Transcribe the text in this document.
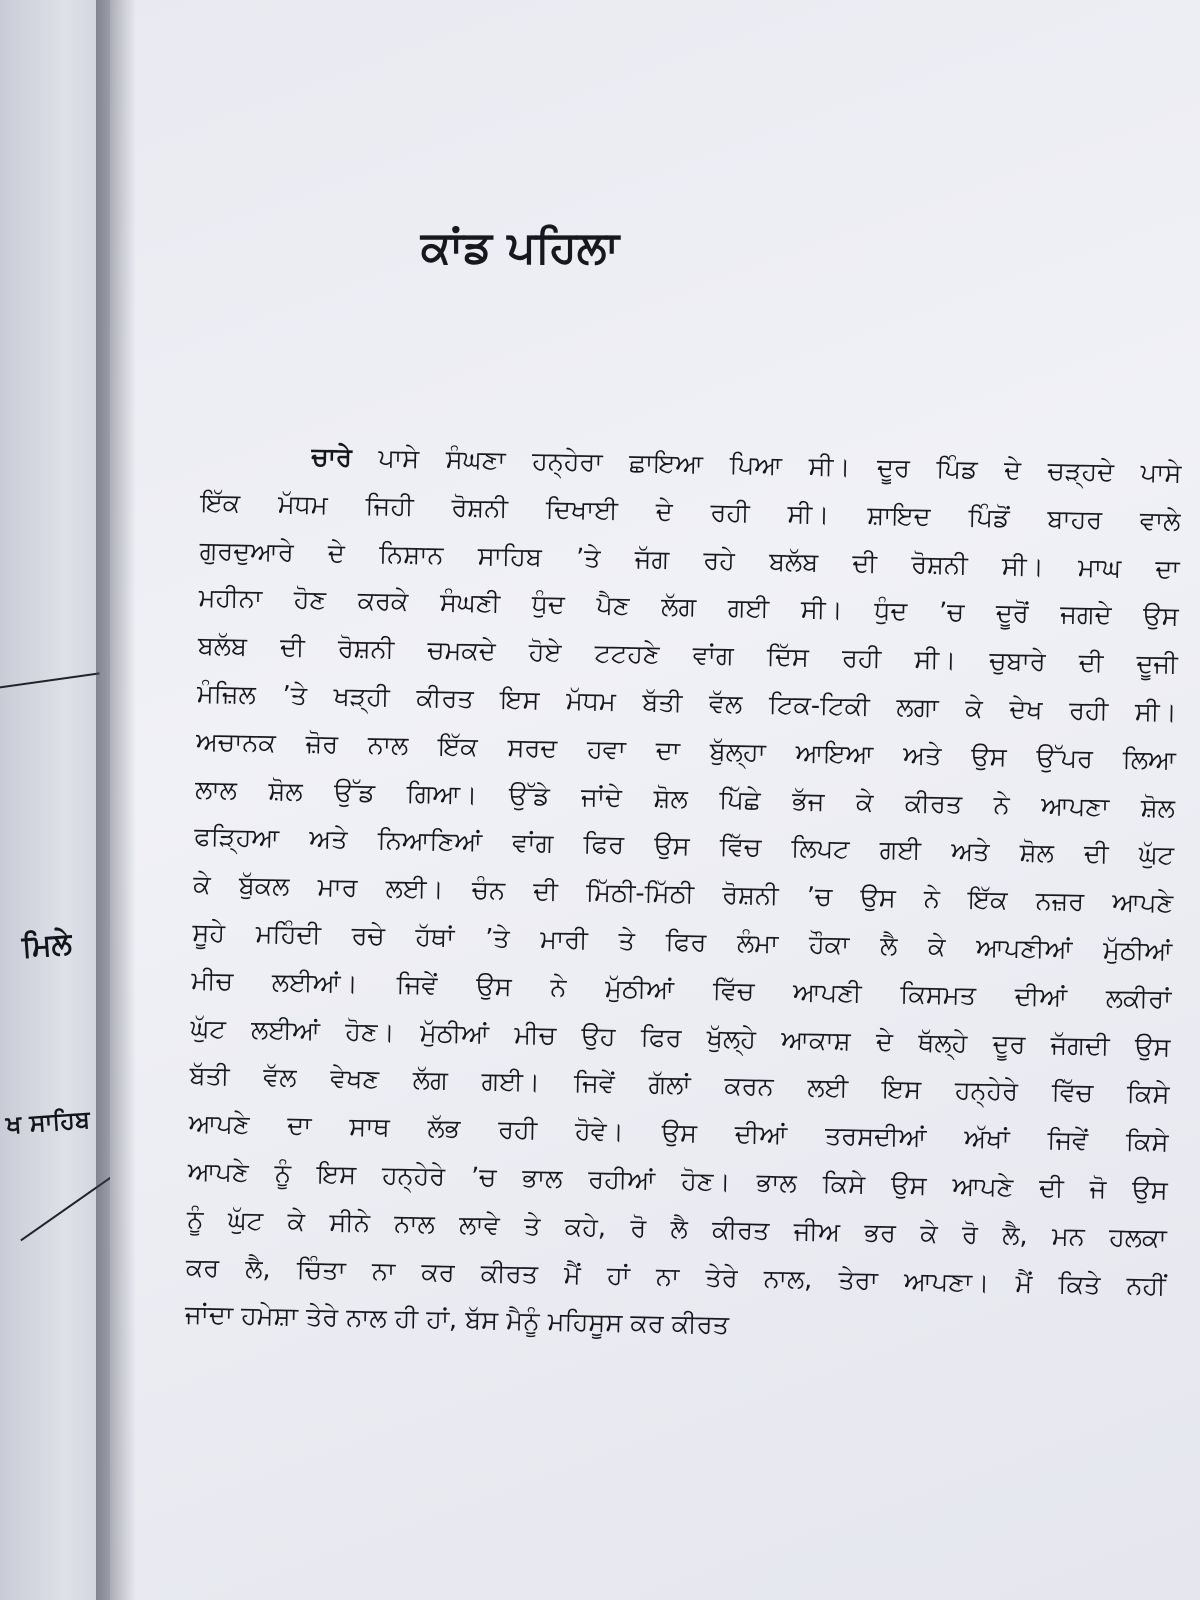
ਮਿਲੇ
ਖ ਸਾਹਿਬ
ਕਾਂਡ ਪਹਿਲਾ
ਚਾਰੇ ਪਾਸੇ ਸੰਘਣਾ ਹਨ੍ਹੇਰਾ ਛਾਇਆ ਪਿਆ ਸੀ। ਦੂਰ ਪਿੰਡ ਦੇ ਚੜ੍ਹਦੇ ਪਾਸੇ
ਇੱਕ ਮੱਧਮ ਜਿਹੀ ਰੋਸ਼ਨੀ ਦਿਖਾਈ ਦੇ ਰਹੀ ਸੀ। ਸ਼ਾਇਦ ਪਿੰਡੋਂ ਬਾਹਰ ਵਾਲੇ
ਗੁਰਦੁਆਰੇ ਦੇ ਨਿਸ਼ਾਨ ਸਾਹਿਬ ’ਤੇ ਜੱਗ ਰਹੇ ਬਲੱਬ ਦੀ ਰੋਸ਼ਨੀ ਸੀ। ਮਾਘ ਦਾ
ਮਹੀਨਾ ਹੋਣ ਕਰਕੇ ਸੰਘਣੀ ਧੁੰਦ ਪੈਣ ਲੱਗ ਗਈ ਸੀ। ਧੁੰਦ ’ਚ ਦੂਰੋਂ ਜਗਦੇ ਉਸ
ਬਲੱਬ ਦੀ ਰੋਸ਼ਨੀ ਚਮਕਦੇ ਹੋਏ ਟਟਹਣੇ ਵਾਂਗ ਦਿੱਸ ਰਹੀ ਸੀ। ਚੁਬਾਰੇ ਦੀ ਦੂਜੀ
ਮੰਜ਼ਿਲ ’ਤੇ ਖੜ੍ਹੀ ਕੀਰਤ ਇਸ ਮੱਧਮ ਬੱਤੀ ਵੱਲ ਟਿਕ-ਟਿਕੀ ਲਗਾ ਕੇ ਦੇਖ ਰਹੀ ਸੀ।
ਅਚਾਨਕ ਜ਼ੋਰ ਨਾਲ ਇੱਕ ਸਰਦ ਹਵਾ ਦਾ ਬੁੱਲ੍ਹਾ ਆਇਆ ਅਤੇ ਉਸ ਉੱਪਰ ਲਿਆ
ਲਾਲ ਸ਼ੋਲ ਉੱਡ ਗਿਆ। ਉੱਡੇ ਜਾਂਦੇ ਸ਼ੋਲ ਪਿੱਛੇ ਭੱਜ ਕੇ ਕੀਰਤ ਨੇ ਆਪਣਾ ਸ਼ੋਲ
ਫੜ੍ਹਿਆ ਅਤੇ ਨਿਆਣਿਆਂ ਵਾਂਗ ਫਿਰ ਉਸ ਵਿੱਚ ਲਿਪਟ ਗਈ ਅਤੇ ਸ਼ੋਲ ਦੀ ਘੁੱਟ
ਕੇ ਬੁੱਕਲ ਮਾਰ ਲਈ। ਚੰਨ ਦੀ ਮਿੱਠੀ-ਮਿੱਠੀ ਰੋਸ਼ਨੀ ’ਚ ਉਸ ਨੇ ਇੱਕ ਨਜ਼ਰ ਆਪਣੇ
ਸੂਹੇ ਮਹਿੰਦੀ ਰਚੇ ਹੱਥਾਂ ’ਤੇ ਮਾਰੀ ਤੇ ਫਿਰ ਲੰਮਾ ਹੌਕਾ ਲੈ ਕੇ ਆਪਣੀਆਂ ਮੁੱਠੀਆਂ
ਮੀਚ ਲਈਆਂ। ਜਿਵੇਂ ਉਸ ਨੇ ਮੁੱਠੀਆਂ ਵਿੱਚ ਆਪਣੀ ਕਿਸਮਤ ਦੀਆਂ ਲਕੀਰਾਂ
ਘੁੱਟ ਲਈਆਂ ਹੋਣ। ਮੁੱਠੀਆਂ ਮੀਚ ਉਹ ਫਿਰ ਖੁੱਲ੍ਹੇ ਆਕਾਸ਼ ਦੇ ਥੱਲ੍ਹੇ ਦੂਰ ਜੱਗਦੀ ਉਸ
ਬੱਤੀ ਵੱਲ ਵੇਖਣ ਲੱਗ ਗਈ। ਜਿਵੇਂ ਗੱਲਾਂ ਕਰਨ ਲਈ ਇਸ ਹਨ੍ਹੇਰੇ ਵਿੱਚ ਕਿਸੇ
ਆਪਣੇ ਦਾ ਸਾਥ ਲੱਭ ਰਹੀ ਹੋਵੇ। ਉਸ ਦੀਆਂ ਤਰਸਦੀਆਂ ਅੱਖਾਂ ਜਿਵੇਂ ਕਿਸੇ
ਆਪਣੇ ਨੂੰ ਇਸ ਹਨ੍ਹੇਰੇ ’ਚ ਭਾਲ ਰਹੀਆਂ ਹੋਣ। ਭਾਲ ਕਿਸੇ ਉਸ ਆਪਣੇ ਦੀ ਜੋ ਉਸ
ਨੂੰ ਘੁੱਟ ਕੇ ਸੀਨੇ ਨਾਲ ਲਾਵੇ ਤੇ ਕਹੇ, ਰੋ ਲੈ ਕੀਰਤ ਜੀਅ ਭਰ ਕੇ ਰੋ ਲੈ, ਮਨ ਹਲਕਾ
ਕਰ ਲੈ, ਚਿੰਤਾ ਨਾ ਕਰ ਕੀਰਤ ਮੈਂ ਹਾਂ ਨਾ ਤੇਰੇ ਨਾਲ, ਤੇਰਾ ਆਪਣਾ। ਮੈਂ ਕਿਤੇ ਨਹੀਂ
ਜਾਂਦਾ ਹਮੇਸ਼ਾ ਤੇਰੇ ਨਾਲ ਹੀ ਹਾਂ, ਬੱਸ ਮੈਨੂੰ ਮਹਿਸੂਸ ਕਰ ਕੀਰਤ
